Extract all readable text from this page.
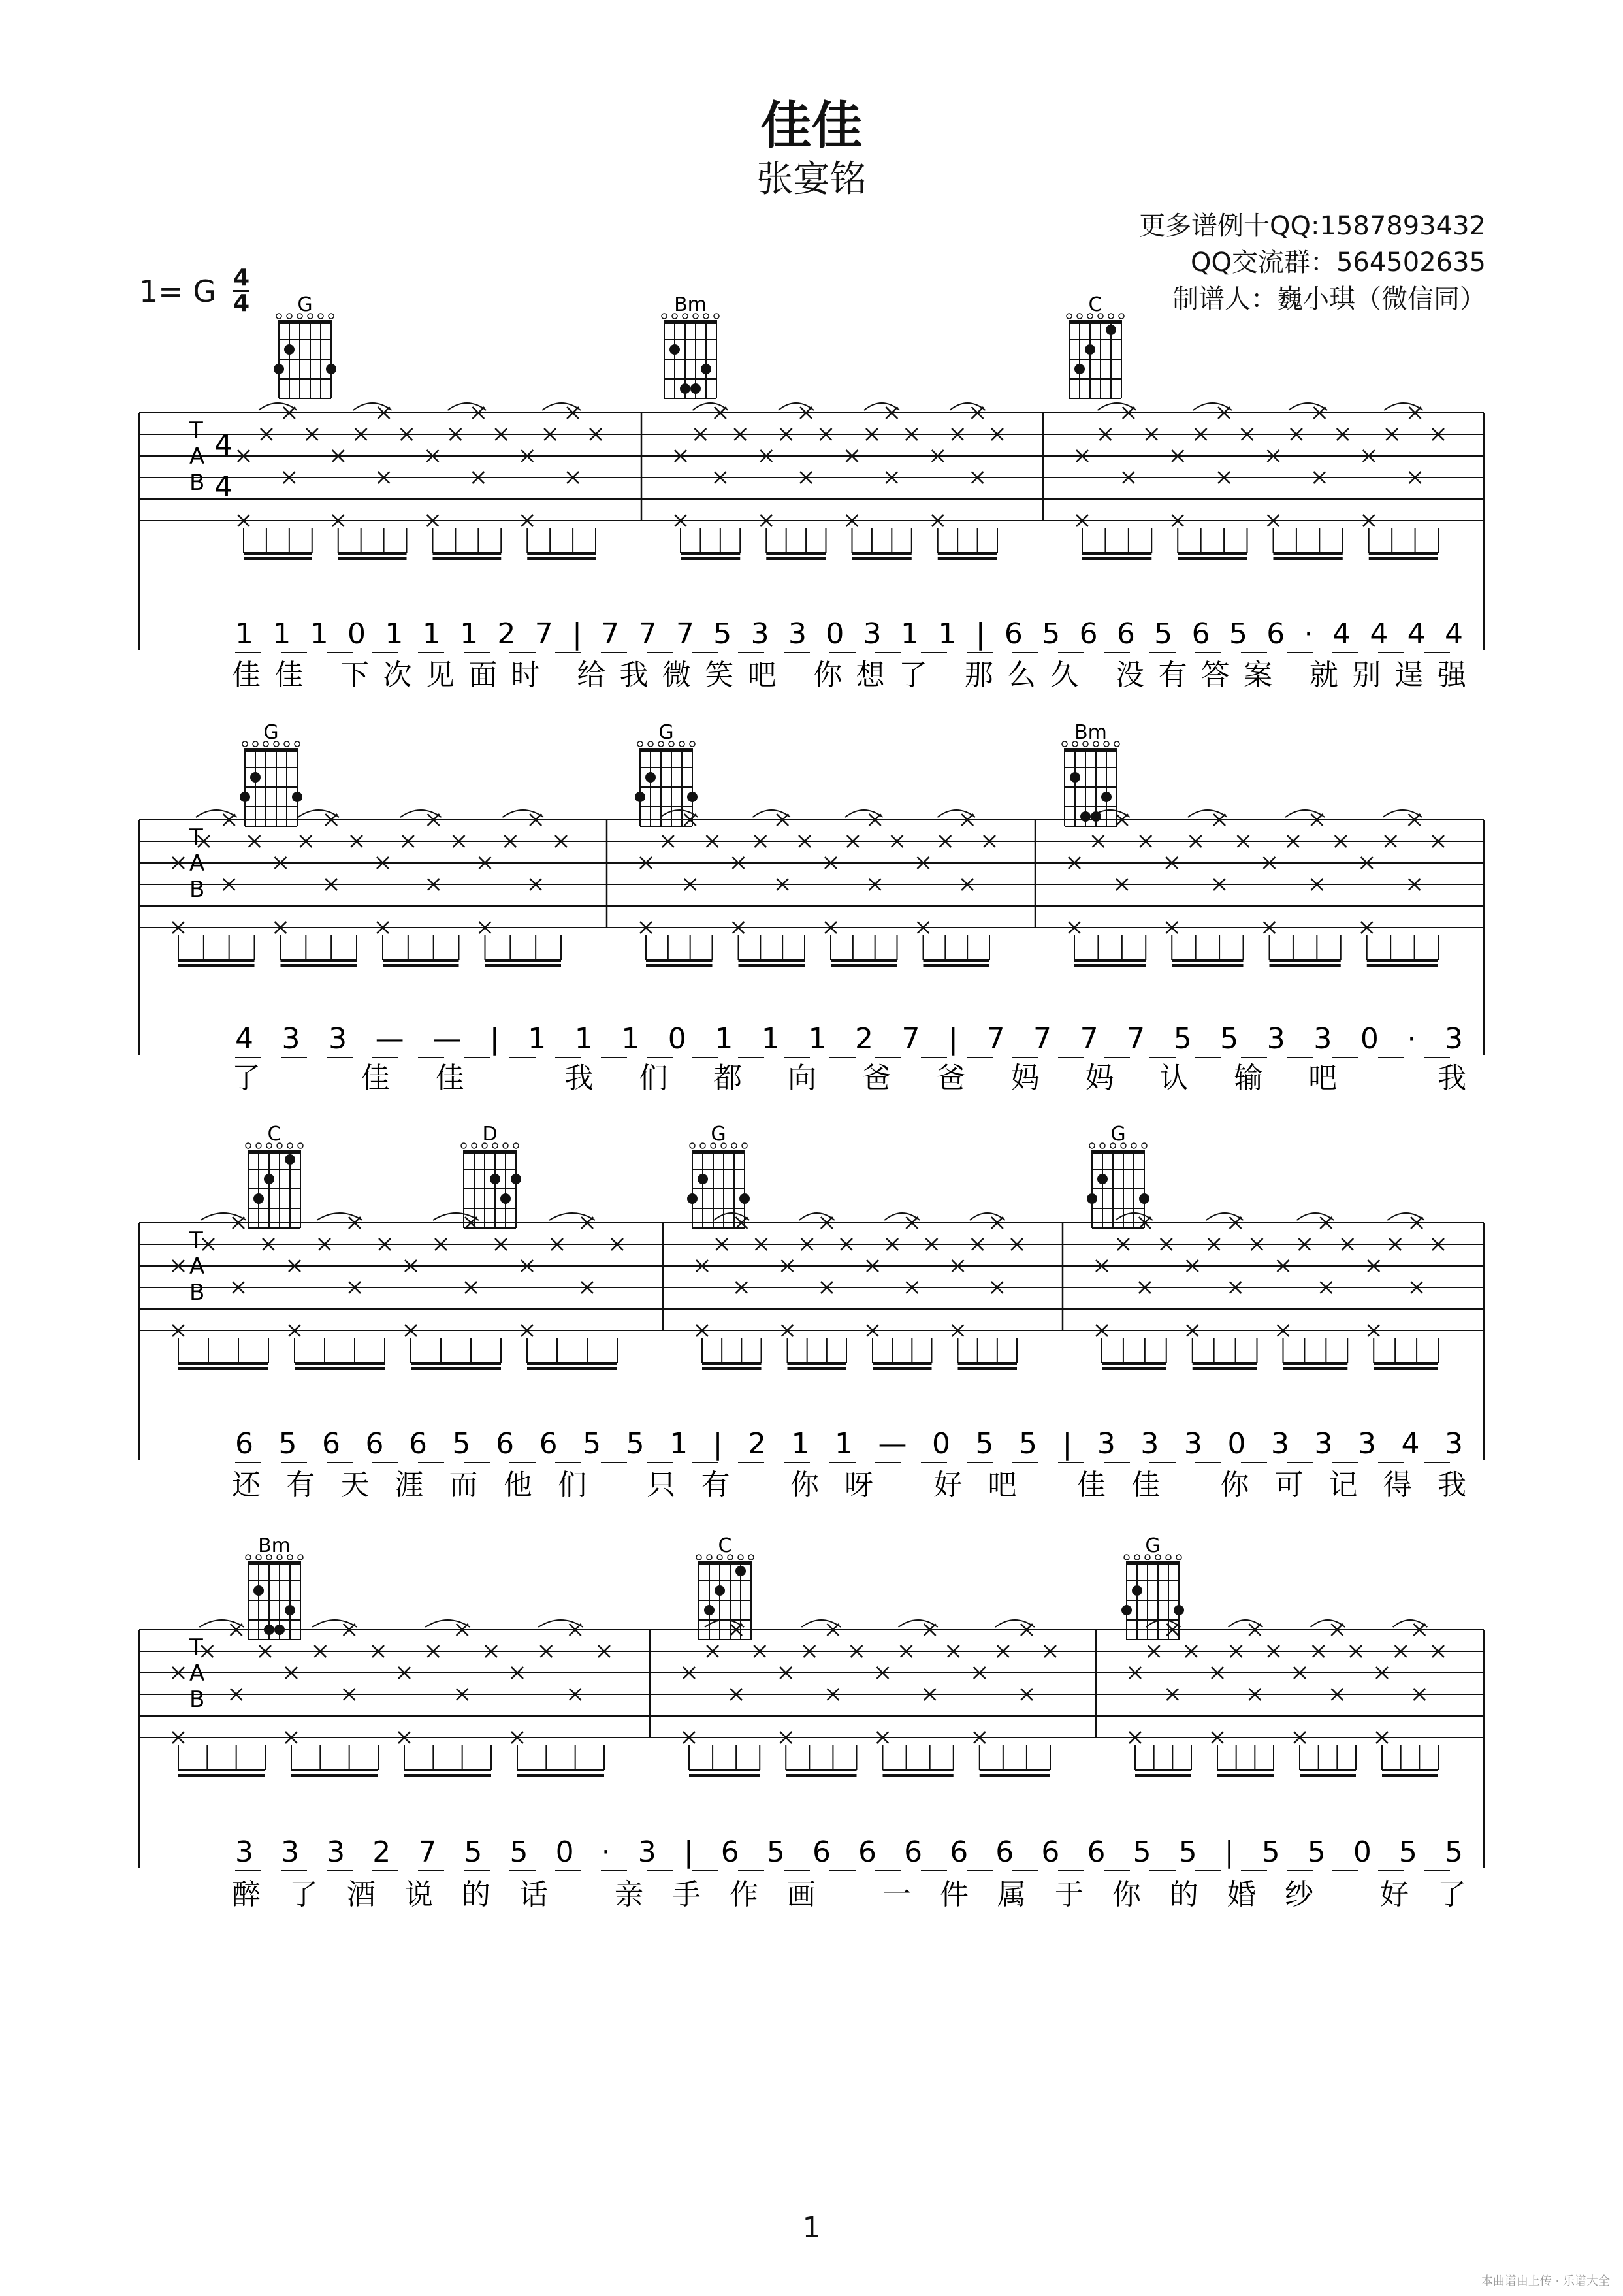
佳佳
张宴铭
更多谱例十QQ:1587893432
QQ交流群：564502635
制谱人：巍小琪（微信同）
1= G $\frac{4}{4}$ G	Bm	C
T
A
B
4
4
1 1 1 0 1 1 1 2 7 | 7 7 7 5 3 3 0 3 1 1 | 6 5 6 6 5 6 5 6 · 4 4 4 4
佳佳 下次见面时 给我微笑吧 你想了 那么久 没有答案 就别逞强
G	G	Bm
T
A
B
4 3 3 — — | 1 1 1 0 1 1 1 2 7 | 7 7 7 7 5 5 3 3 0 · 3
了 佳佳 我们都向爸爸妈妈认输吧 我
C	D	G	G
T
A
B
6 5 6 6 6 5 6 6 5 5 1 | 2 1 1 — 0 5 5 | 3 3 3 0 3 3 3 4 3
还有天涯而他们 只有 你呀 好吧 佳佳 你可记得我
Bm	C	G
T
A
B
3 3 3 2 7 5 5 0 · 3 | 6 5 6 6 6 6 6 6 6 5 5 | 5 5 0 5 5
醉了酒说的话 亲手作画 一件属于你的婚纱 好了
1
本曲谱由上传 · 乐谱大全
